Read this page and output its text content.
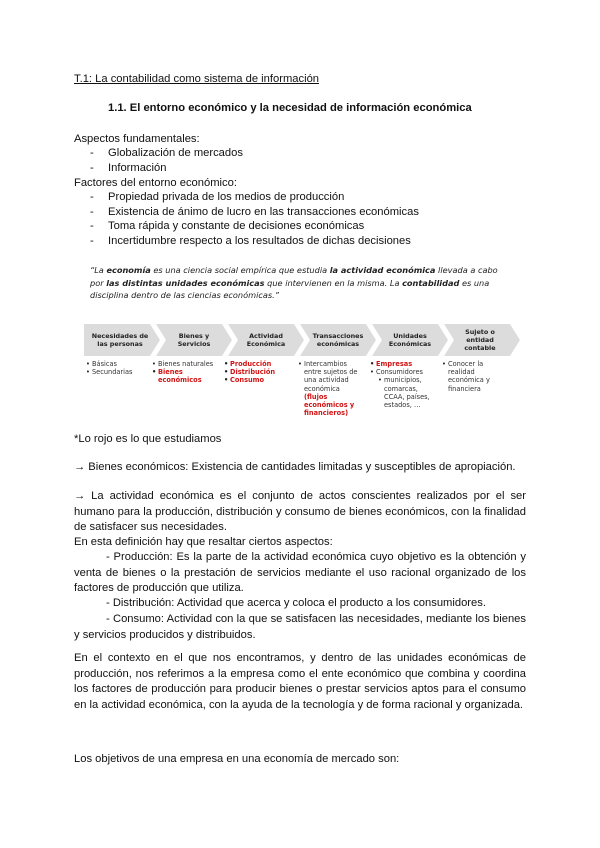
T.1: La contabilidad como sistema de información
1.1. El entorno económico y la necesidad de información económica
Aspectos fundamentales:
- Globalización de mercados
- Información
Factores del entorno económico:
- Propiedad privada de los medios de producción
- Existencia de ánimo de lucro en las transacciones económicas
- Toma rápida y constante de decisiones económicas
- Incertidumbre respecto a los resultados de dichas decisiones
“La economía es una ciencia social empírica que estudia la actividad económica llevada a cabo por las distintas unidades económicas que intervienen en la misma. La contabilidad es una disciplina dentro de las ciencias económicas.”
Necesidades de las personas
Bienes y Servicios
Actividad Económica
Transacciones económicas
Unidades Económicas
Sujeto o entidad contable
• Básicas
• Secundarias
• Bienes naturales
• Bienes económicos
• Producción
• Distribución
• Consumo
• Intercambios entre sujetos de una actividad económica
(flujos económicos y financieros)
• Empresas
• Consumidores
• municipios, comarcas, CCAA, países, estados, …
• Conocer la realidad económica y financiera
*Lo rojo es lo que estudiamos
→ Bienes económicos: Existencia de cantidades limitadas y susceptibles de apropiación.
→ La actividad económica es el conjunto de actos conscientes realizados por el ser humano para la producción, distribución y consumo de bienes económicos, con la finalidad de satisfacer sus necesidades.
En esta definición hay que resaltar ciertos aspectos:
- Producción: Es la parte de la actividad económica cuyo objetivo es la obtención y venta de bienes o la prestación de servicios mediante el uso racional organizado de los factores de producción que utiliza.
- Distribución: Actividad que acerca y coloca el producto a los consumidores.
- Consumo: Actividad con la que se satisfacen las necesidades, mediante los bienes y servicios producidos y distribuidos.
En el contexto en el que nos encontramos, y dentro de las unidades económicas de producción, nos referimos a la empresa como el ente económico que combina y coordina los factores de producción para producir bienes o prestar servicios aptos para el consumo en la actividad económica, con la ayuda de la tecnología y de forma racional y organizada.
Los objetivos de una empresa en una economía de mercado son:
